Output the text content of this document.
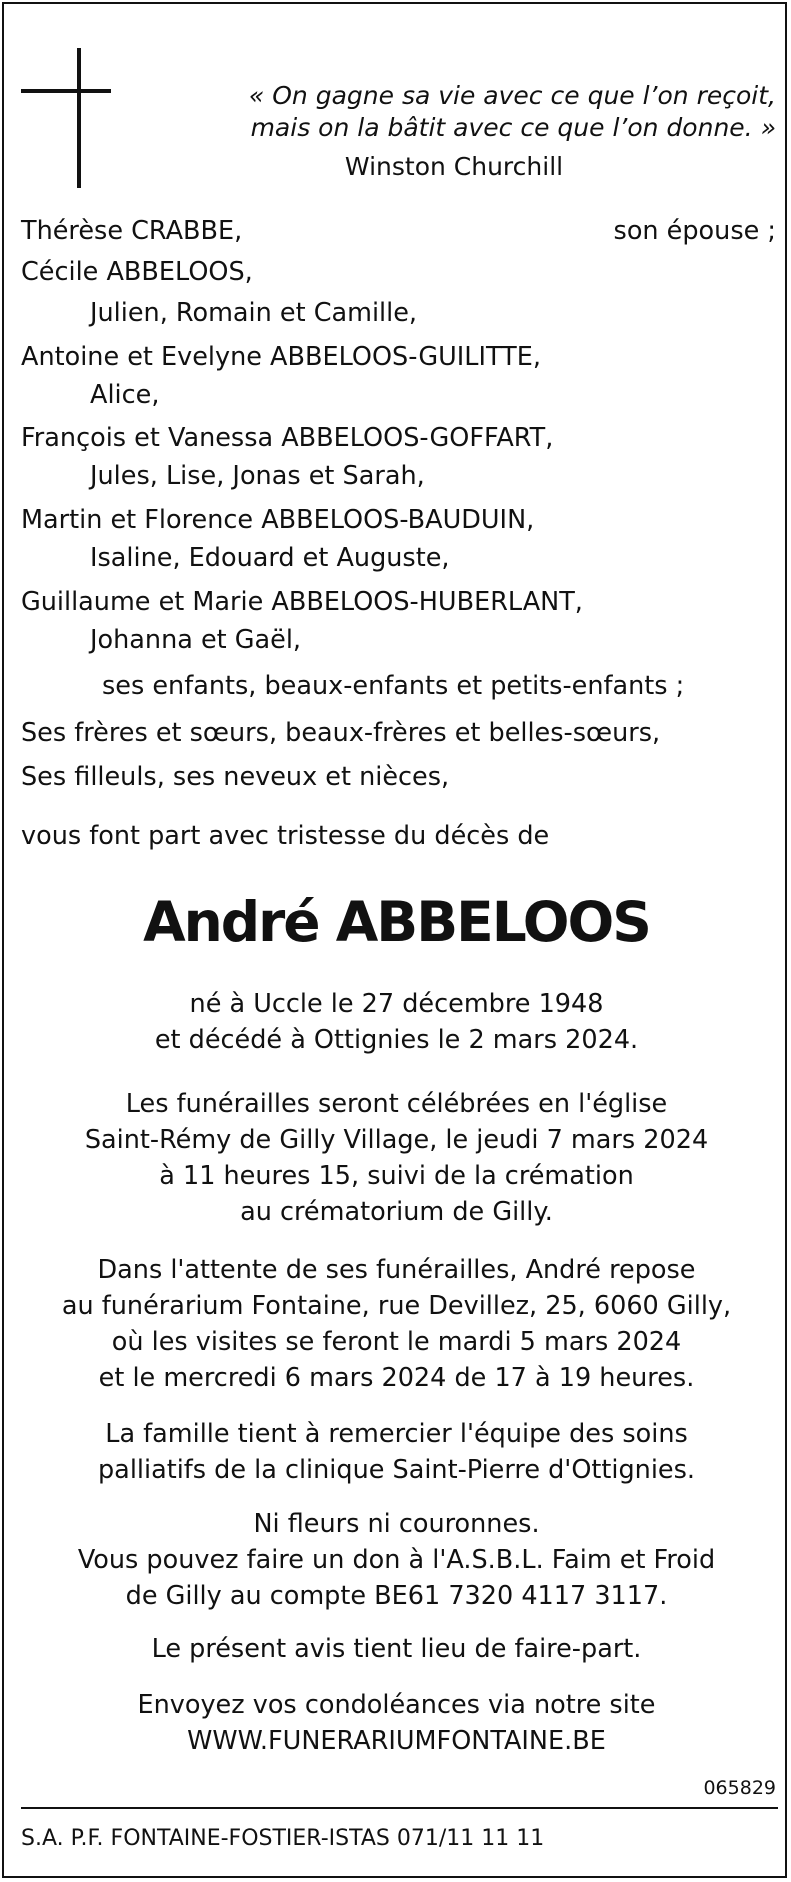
« On gagne sa vie avec ce que l’on reçoit,
mais on la bâtit avec ce que l’on donne. »
Winston Churchill
Thérèse CRABBE,	son épouse ;
Cécile ABBELOOS,
Julien, Romain et Camille,
Antoine et Evelyne ABBELOOS-GUILITTE,
Alice,
François et Vanessa ABBELOOS-GOFFART,
Jules, Lise, Jonas et Sarah,
Martin et Florence ABBELOOS-BAUDUIN,
Isaline, Edouard et Auguste,
Guillaume et Marie ABBELOOS-HUBERLANT,
Johanna et Gaël,
ses enfants, beaux-enfants et petits-enfants ;
Ses frères et sœurs, beaux-frères et belles-sœurs,
Ses filleuls, ses neveux et nièces,
vous font part avec tristesse du décès de
André ABBELOOS
né à Uccle le 27 décembre 1948
et décédé à Ottignies le 2 mars 2024.
Les funérailles seront célébrées en l'église
Saint-Rémy de Gilly Village, le jeudi 7 mars 2024
à 11 heures 15, suivi de la crémation
au crématorium de Gilly.
Dans l'attente de ses funérailles, André repose
au funérarium Fontaine, rue Devillez, 25, 6060 Gilly,
où les visites se feront le mardi 5 mars 2024
et le mercredi 6 mars 2024 de 17 à 19 heures.
La famille tient à remercier l'équipe des soins
palliatifs de la clinique Saint-Pierre d'Ottignies.
Ni fleurs ni couronnes.
Vous pouvez faire un don à l'A.S.B.L. Faim et Froid
de Gilly au compte BE61 7320 4117 3117.
Le présent avis tient lieu de faire-part.
Envoyez vos condoléances via notre site
WWW.FUNERARIUMFONTAINE.BE
065829
S.A. P.F. FONTAINE-FOSTIER-ISTAS 071/11 11 11
